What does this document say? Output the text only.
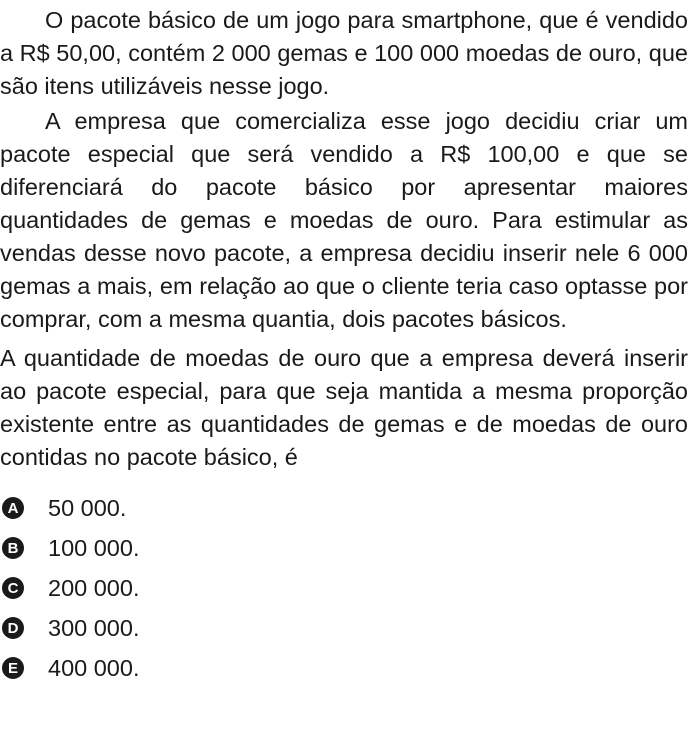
O pacote básico de um jogo para smartphone, que é vendido a R$ 50,00, contém 2 000 gemas e 100 000 moedas de ouro, que são itens utilizáveis nesse jogo.

A empresa que comercializa esse jogo decidiu criar um pacote especial que será vendido a R$ 100,00 e que se diferenciará do pacote básico por apresentar maiores quantidades de gemas e moedas de ouro. Para estimular as vendas desse novo pacote, a empresa decidiu inserir nele 6 000 gemas a mais, em relação ao que o cliente teria caso optasse por comprar, com a mesma quantia, dois pacotes básicos.

A quantidade de moedas de ouro que a empresa deverá inserir ao pacote especial, para que seja mantida a mesma proporção existente entre as quantidades de gemas e de moedas de ouro contidas no pacote básico, é

A 50 000.
B 100 000.
C 200 000.
D 300 000.
E 400 000.
